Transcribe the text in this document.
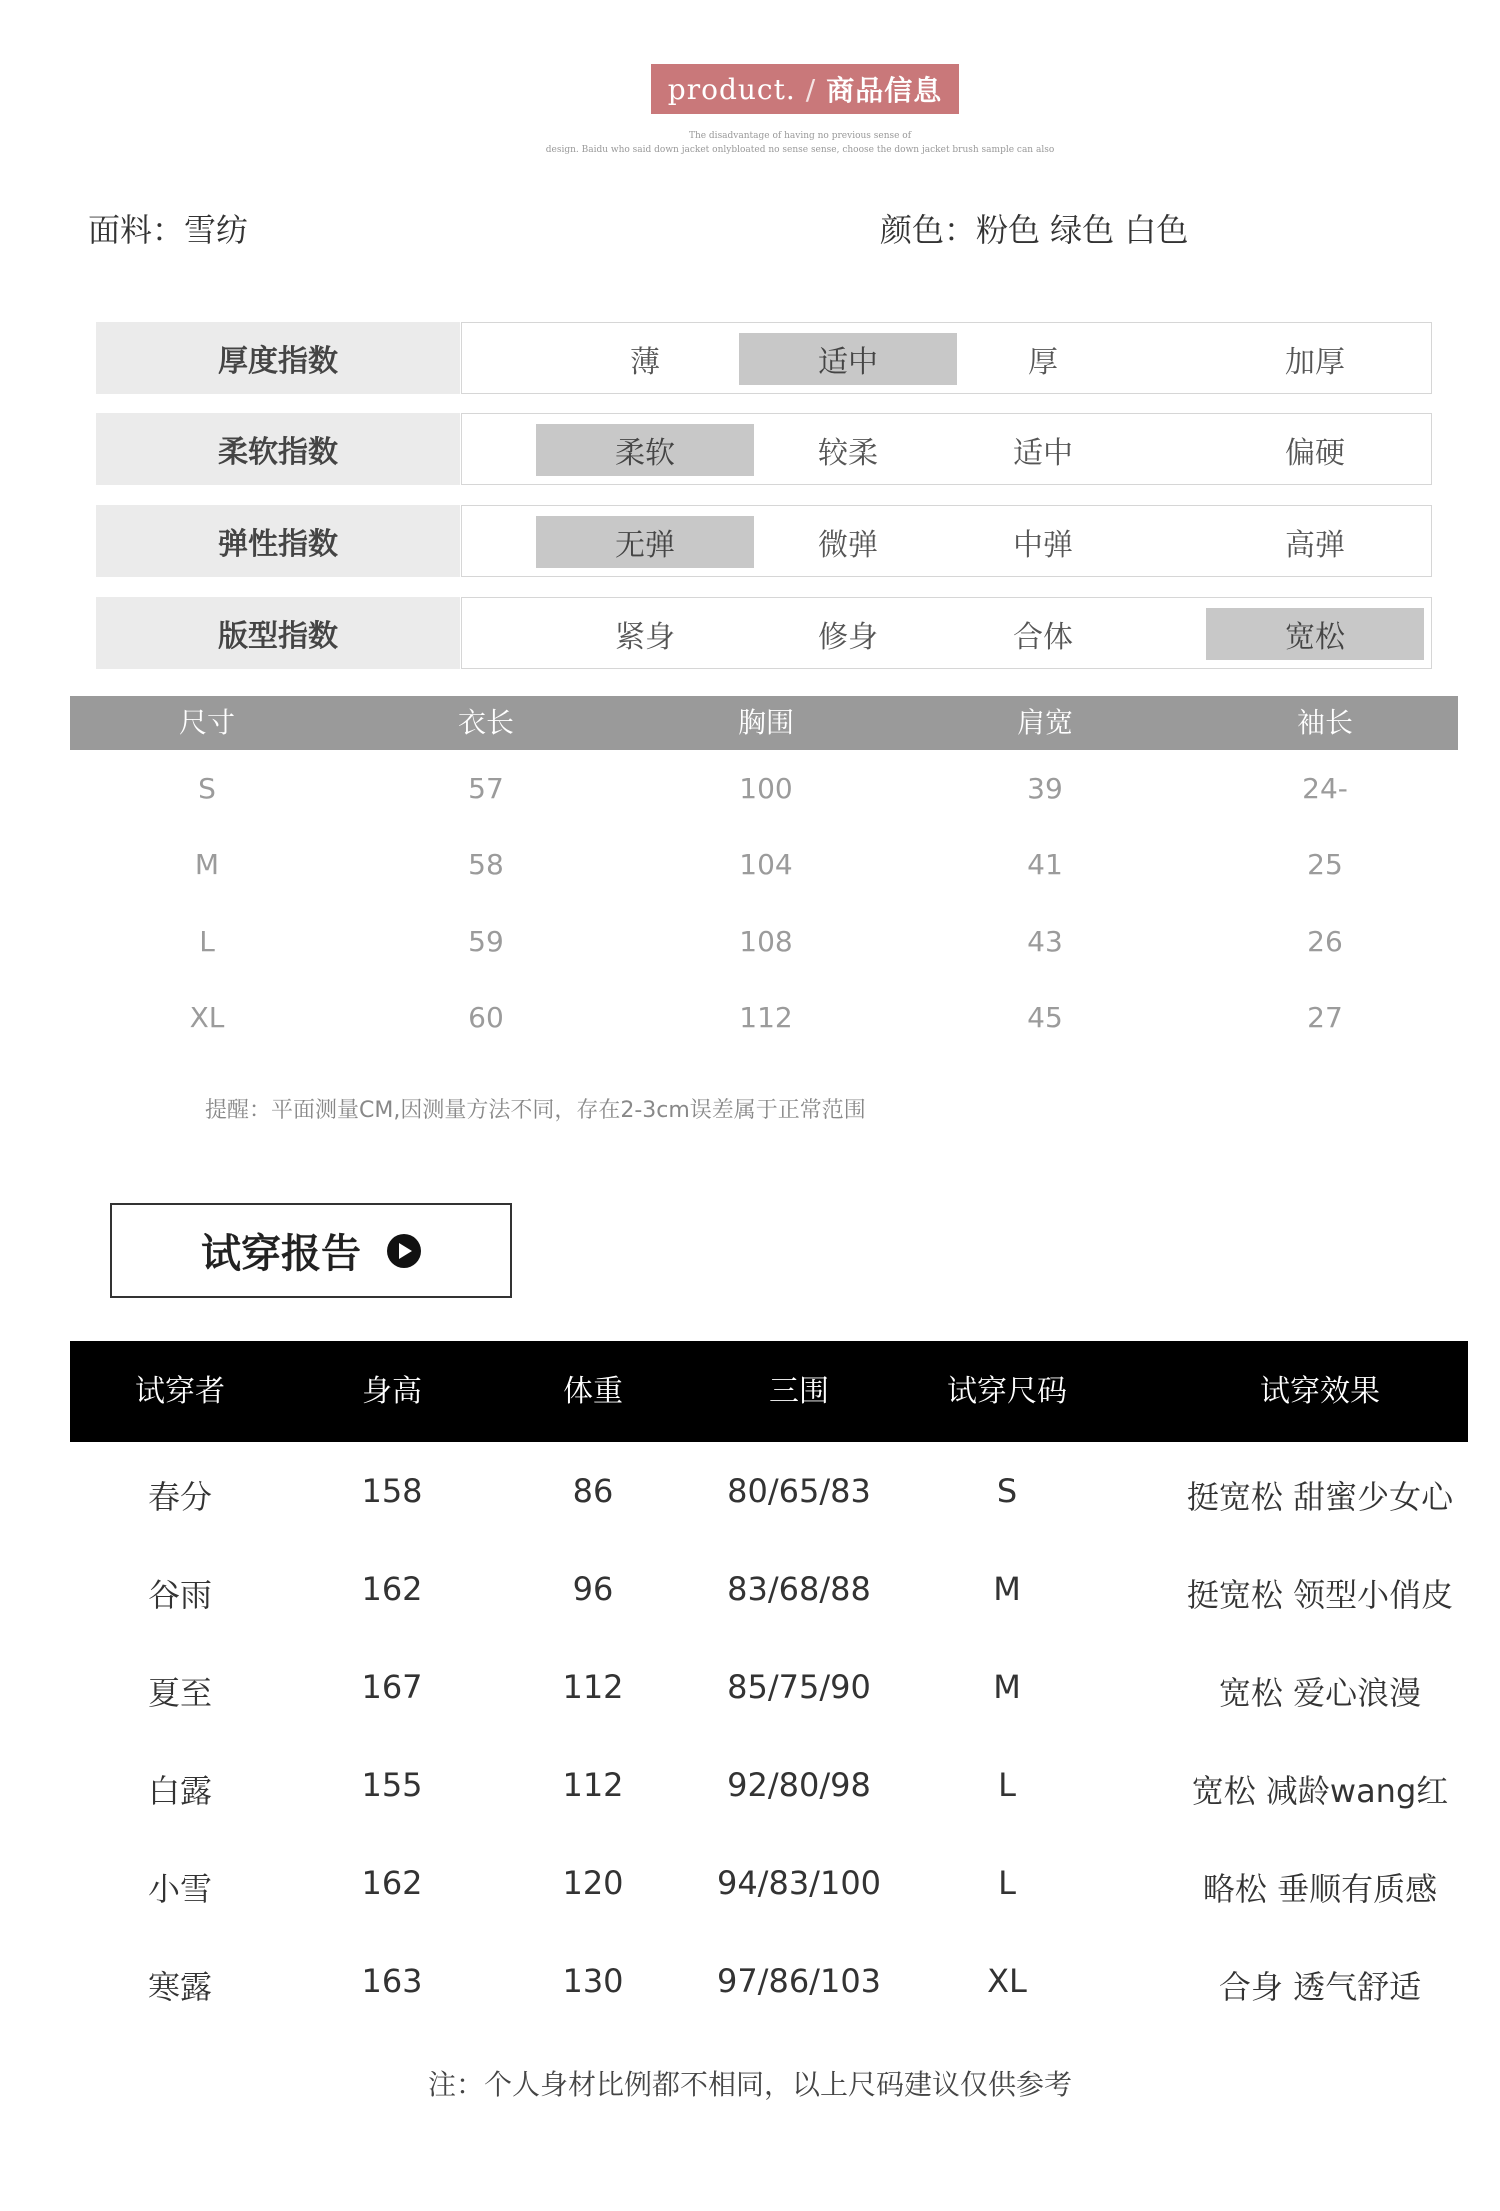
product. / 商品信息
The disadvantage of having no previous sense of
design. Baidu who said down jacket onlybloated no sense sense, choose the down jacket brush sample can also
面料：雪纺	颜色：粉色 绿色 白色
厚度指数	薄	适中	厚	加厚
柔软指数	柔软	较柔	适中	偏硬
弹性指数	无弹	微弹	中弹	高弹
版型指数	紧身	修身	合体	宽松
尺寸	衣长	胸围	肩宽	袖长
S	57	100	39	24-
M	58	104	41	25
L	59	108	43	26
XL	60	112	45	27
提醒：平面测量CM,因测量方法不同，存在2-3cm误差属于正常范围
试穿报告
试穿者	身高	体重	三围	试穿尺码	试穿效果
春分	158	86	80/65/83	S	挺宽松 甜蜜少女心
谷雨	162	96	83/68/88	M	挺宽松 领型小俏皮
夏至	167	112	85/75/90	M	宽松 爱心浪漫
白露	155	112	92/80/98	L	宽松 减龄wang红
小雪	162	120	94/83/100	L	略松 垂顺有质感
寒露	163	130	97/86/103	XL	合身 透气舒适
注：个人身材比例都不相同，以上尺码建议仅供参考
